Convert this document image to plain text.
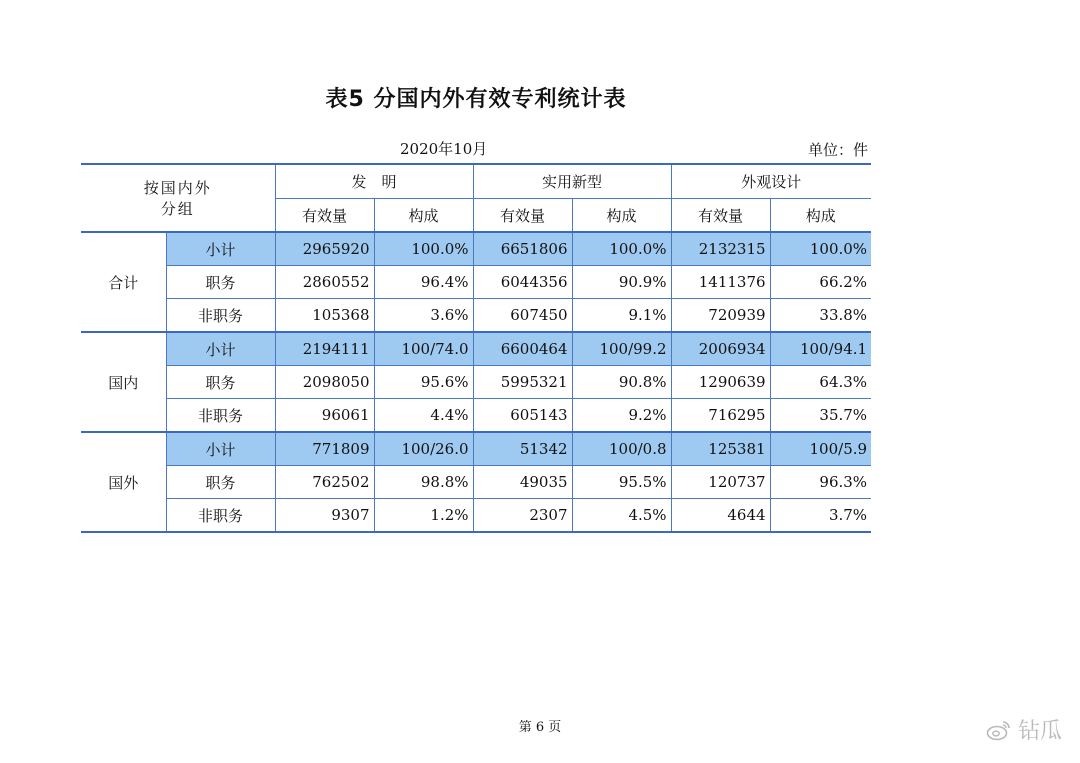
表5 分国内外有效专利统计表
2020年10月	单位：件
按国内外
分组		发　明		实用新型		外观设计	
		有效量	构成	有效量	构成	有效量	构成
合计	小计	2965920	100.0%	6651806	100.0%	2132315	100.0%
	职务	2860552	96.4%	6044356	90.9%	1411376	66.2%
	非职务	105368	3.6%	607450	9.1%	720939	33.8%
国内	小计	2194111	100/74.0	6600464	100/99.2	2006934	100/94.1
	职务	2098050	95.6%	5995321	90.8%	1290639	64.3%
	非职务	96061	4.4%	605143	9.2%	716295	35.7%
国外	小计	771809	100/26.0	51342	100/0.8	125381	100/5.9
	职务	762502	98.8%	49035	95.5%	120737	96.3%
	非职务	9307	1.2%	2307	4.5%	4644	3.7%
第 6 页	钻瓜
